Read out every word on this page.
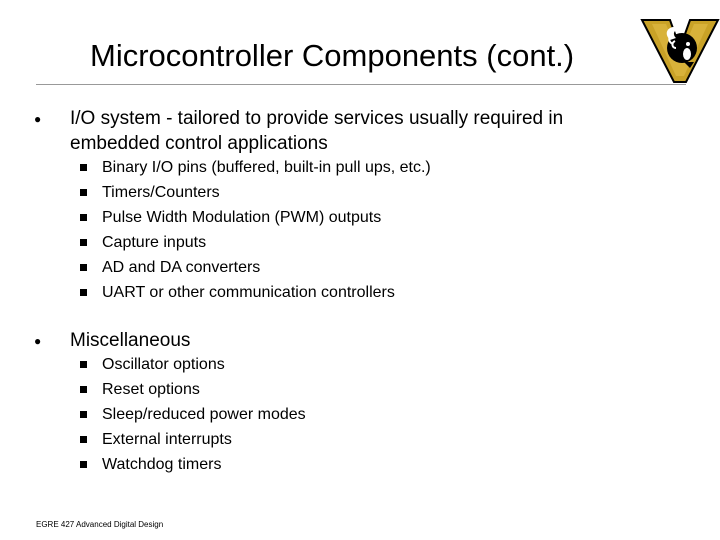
Microcontroller Components (cont.)
● I/O system - tailored to provide services usually required in
embedded control applications
Binary I/O pins (buffered, built-in pull ups, etc.)
Timers/Counters
Pulse Width Modulation (PWM) outputs
Capture inputs
AD and DA converters
UART or other communication controllers
● Miscellaneous
Oscillator options
Reset options
Sleep/reduced power modes
External interrupts
Watchdog timers
EGRE 427 Advanced Digital Design
